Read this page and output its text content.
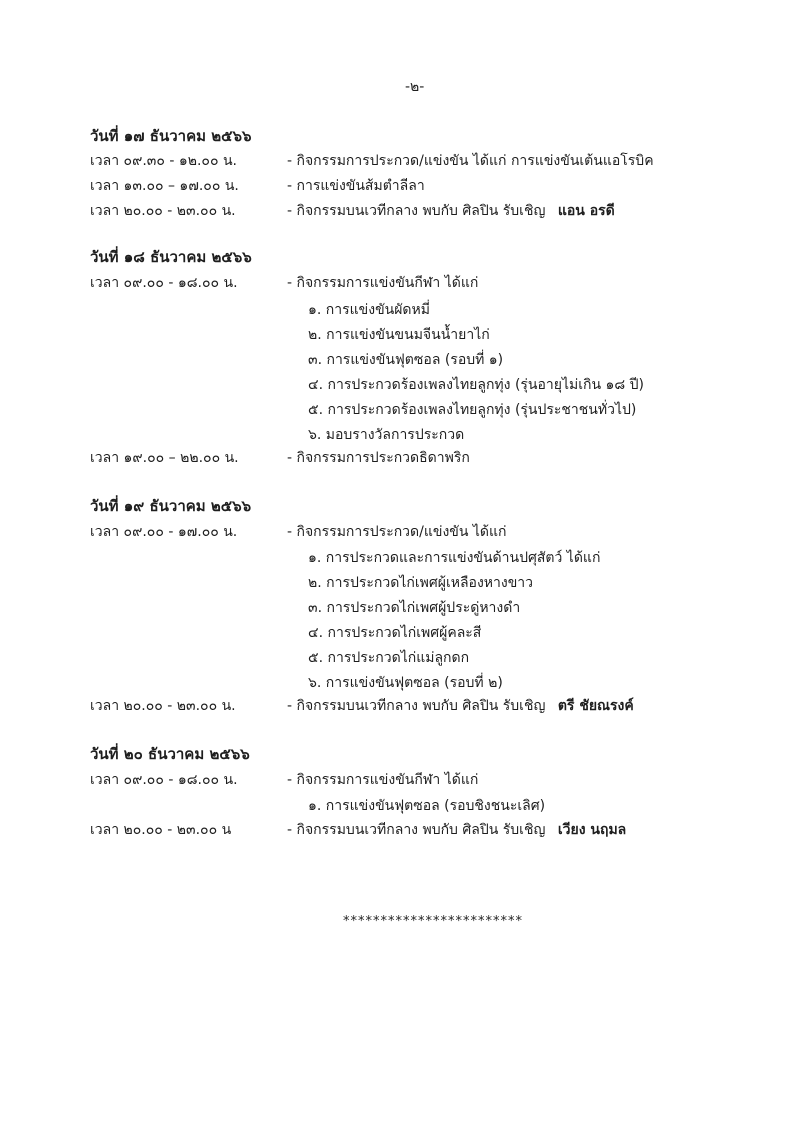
-๒-
วันที่ ๑๗ ธันวาคม ๒๕๖๖
เวลา ๐๙.๓๐ - ๑๒.๐๐ น.	- กิจกรรมการประกวด/แข่งขัน ได้แก่ การแข่งขันเต้นแอโรบิค
เวลา ๑๓.๐๐ – ๑๗.๐๐ น.	- การแข่งขันส้มตำลีลา
เวลา ๒๐.๐๐ - ๒๓.๐๐ น.	- กิจกรรมบนเวทีกลาง พบกับ ศิลปิน รับเชิญ แอน อรดี
วันที่ ๑๘ ธันวาคม ๒๕๖๖
เวลา ๐๙.๐๐ - ๑๘.๐๐ น.	- กิจกรรมการแข่งขันกีฬา ได้แก่
๑. การแข่งขันผัดหมี่
๒. การแข่งขันขนมจีนน้ำยาไก่
๓. การแข่งขันฟุตซอล (รอบที่ ๑)
๔. การประกวดร้องเพลงไทยลูกทุ่ง (รุ่นอายุไม่เกิน ๑๘ ปี)
๕. การประกวดร้องเพลงไทยลูกทุ่ง (รุ่นประชาชนทั่วไป)
๖. มอบรางวัลการประกวด
เวลา ๑๙.๐๐ – ๒๒.๐๐ น.	- กิจกรรมการประกวดธิดาพริก
วันที่ ๑๙ ธันวาคม ๒๕๖๖
เวลา ๐๙.๐๐ - ๑๗.๐๐ น.	- กิจกรรมการประกวด/แข่งขัน ได้แก่
๑. การประกวดและการแข่งขันด้านปศุสัตว์ ได้แก่
๒. การประกวดไก่เพศผู้เหลืองหางขาว
๓. การประกวดไก่เพศผู้ประดู่หางดำ
๔. การประกวดไก่เพศผู้คละสี
๕. การประกวดไก่แม่ลูกดก
๖. การแข่งขันฟุตซอล (รอบที่ ๒)
เวลา ๒๐.๐๐ - ๒๓.๐๐ น.	- กิจกรรมบนเวทีกลาง พบกับ ศิลปิน รับเชิญ ตรี ชัยณรงค์
วันที่ ๒๐ ธันวาคม ๒๕๖๖
เวลา ๐๙.๐๐ - ๑๘.๐๐ น.	- กิจกรรมการแข่งขันกีฬา ได้แก่
๑. การแข่งขันฟุตซอล (รอบชิงชนะเลิศ)
เวลา ๒๐.๐๐ - ๒๓.๐๐ น	- กิจกรรมบนเวทีกลาง พบกับ ศิลปิน รับเชิญ เวียง นฤมล
************************
